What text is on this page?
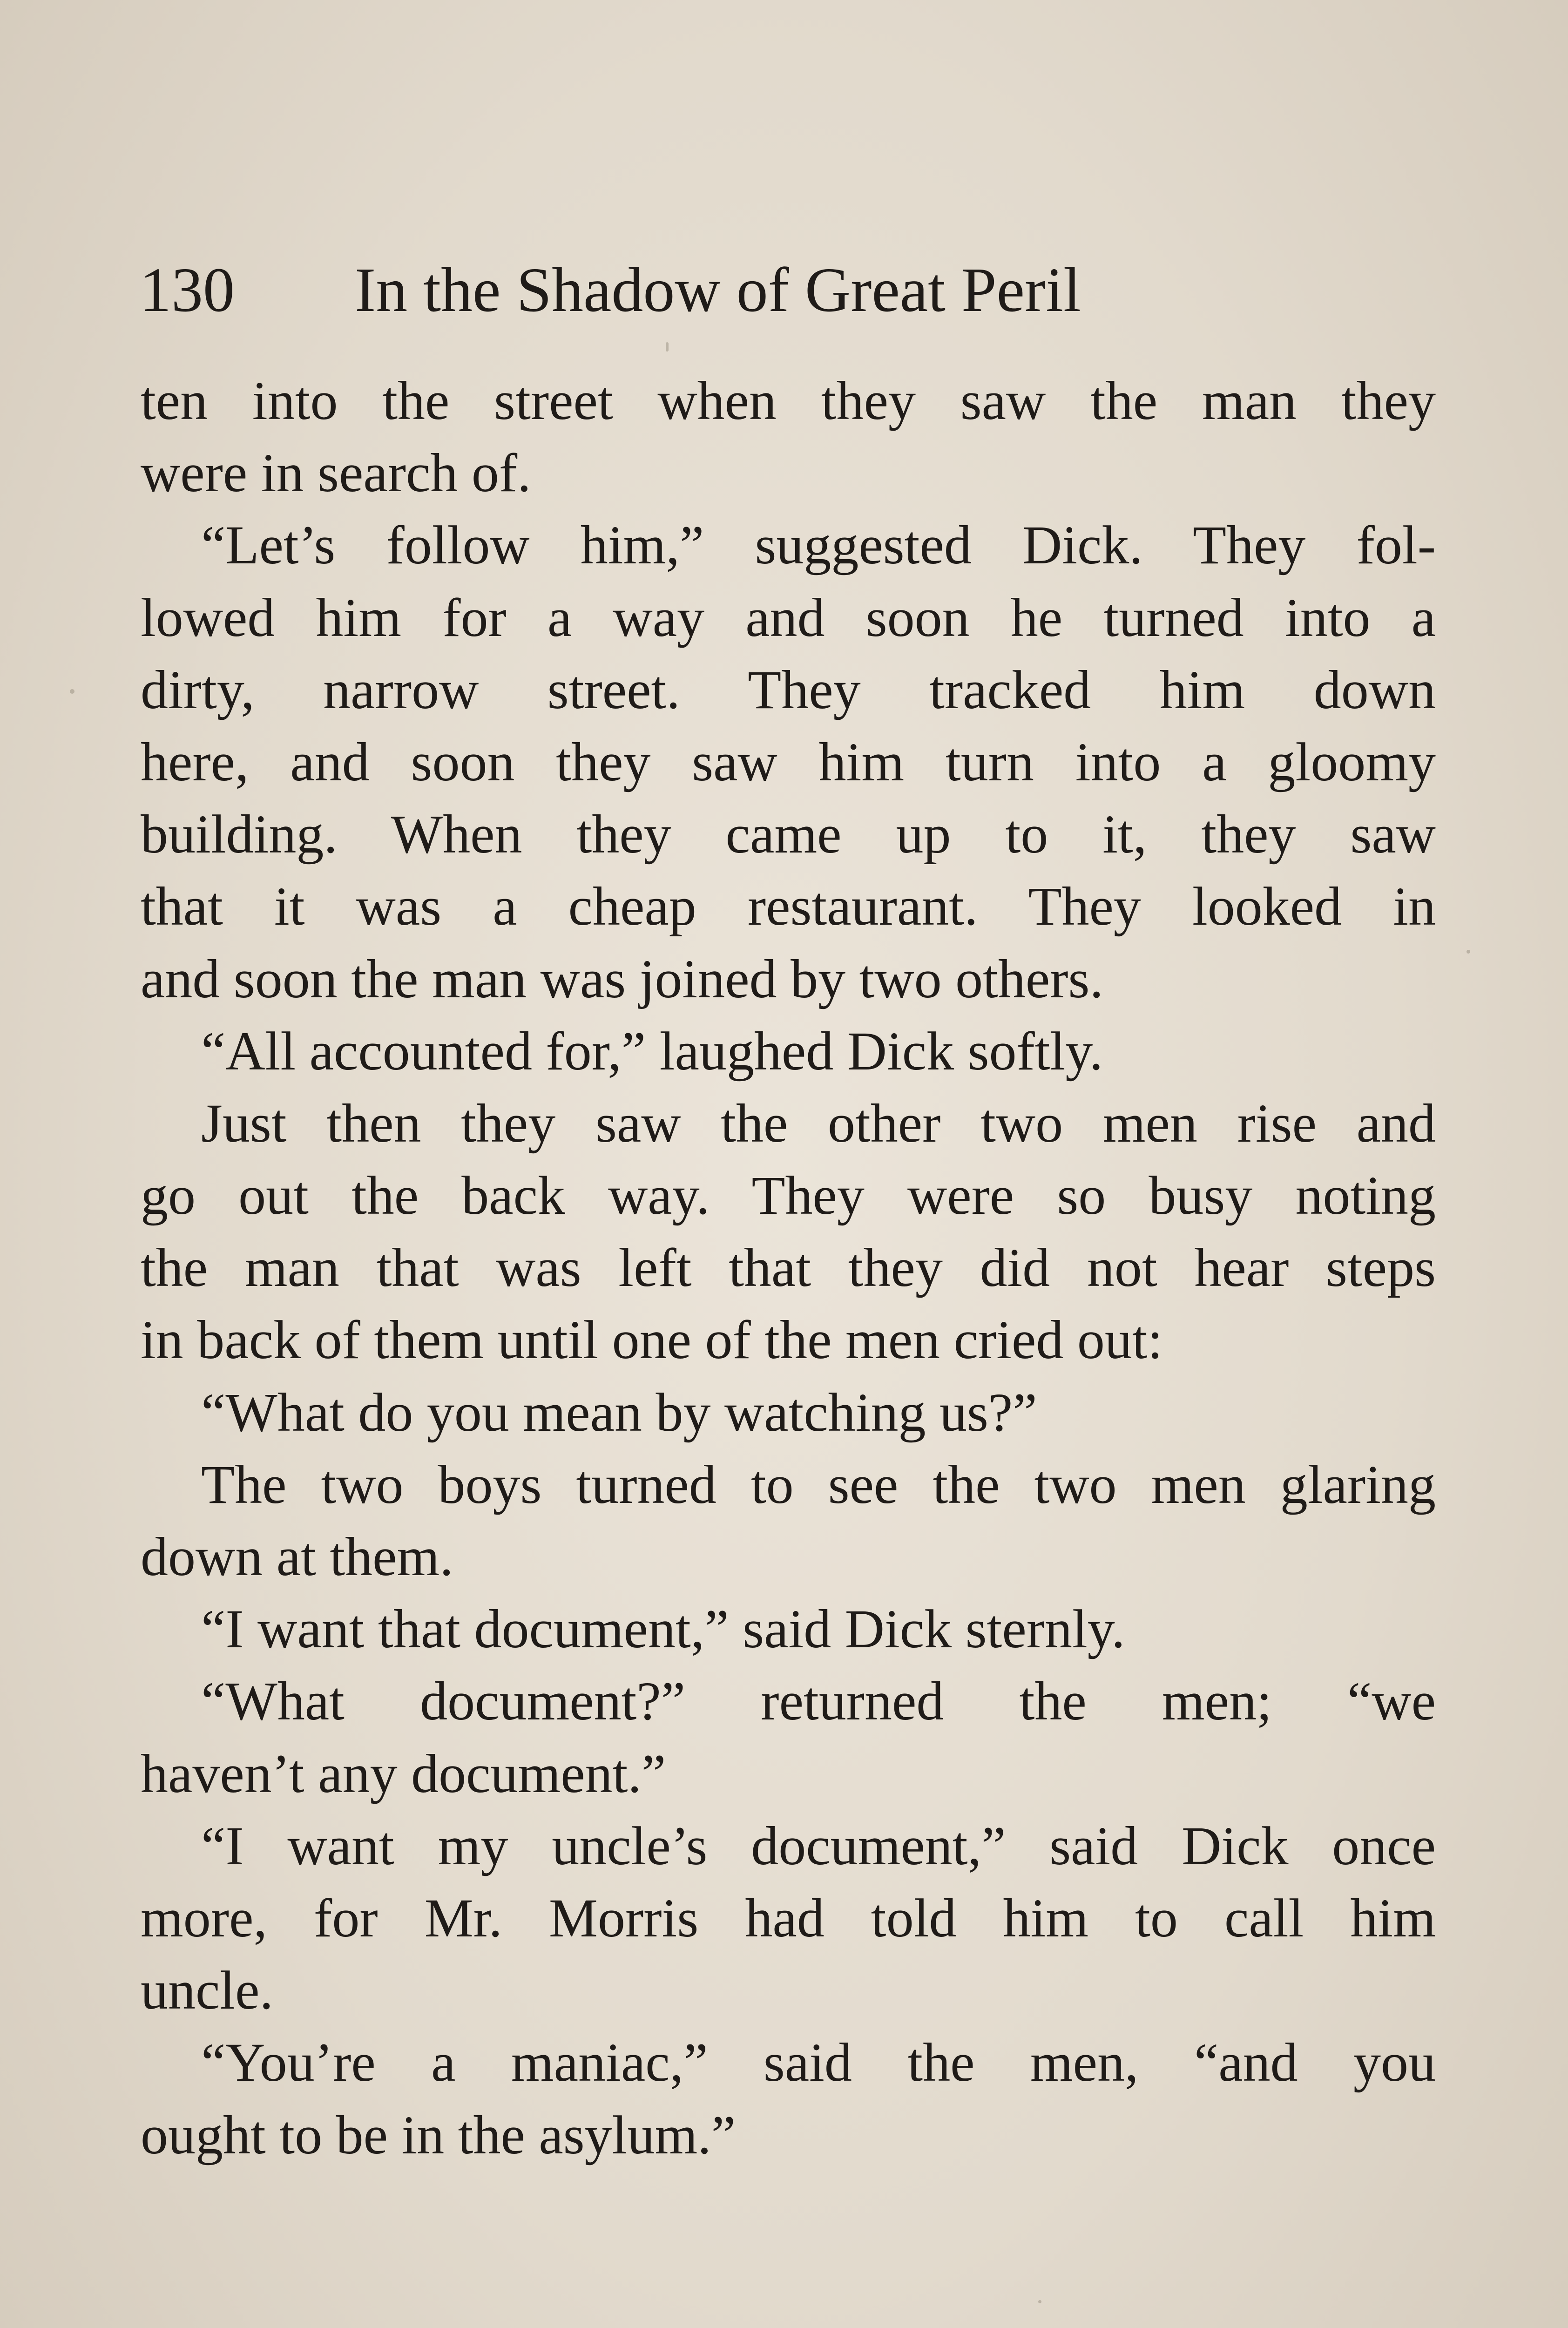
130 In the Shadow of Great Peril
ten into the street when they saw the man they
were in search of.
“Let’s follow him,” suggested Dick. They fol-
lowed him for a way and soon he turned into a
dirty, narrow street. They tracked him down
here, and soon they saw him turn into a gloomy
building. When they came up to it, they saw
that it was a cheap restaurant. They looked in
and soon the man was joined by two others.
“All accounted for,” laughed Dick softly.
Just then they saw the other two men rise and
go out the back way. They were so busy noting
the man that was left that they did not hear steps
in back of them until one of the men cried out:
“What do you mean by watching us?”
The two boys turned to see the two men glaring
down at them.
“I want that document,” said Dick sternly.
“What document?” returned the men; “we
haven’t any document.”
“I want my uncle’s document,” said Dick once
more, for Mr. Morris had told him to call him
uncle.
“You’re a maniac,” said the men, “and you
ought to be in the asylum.”
